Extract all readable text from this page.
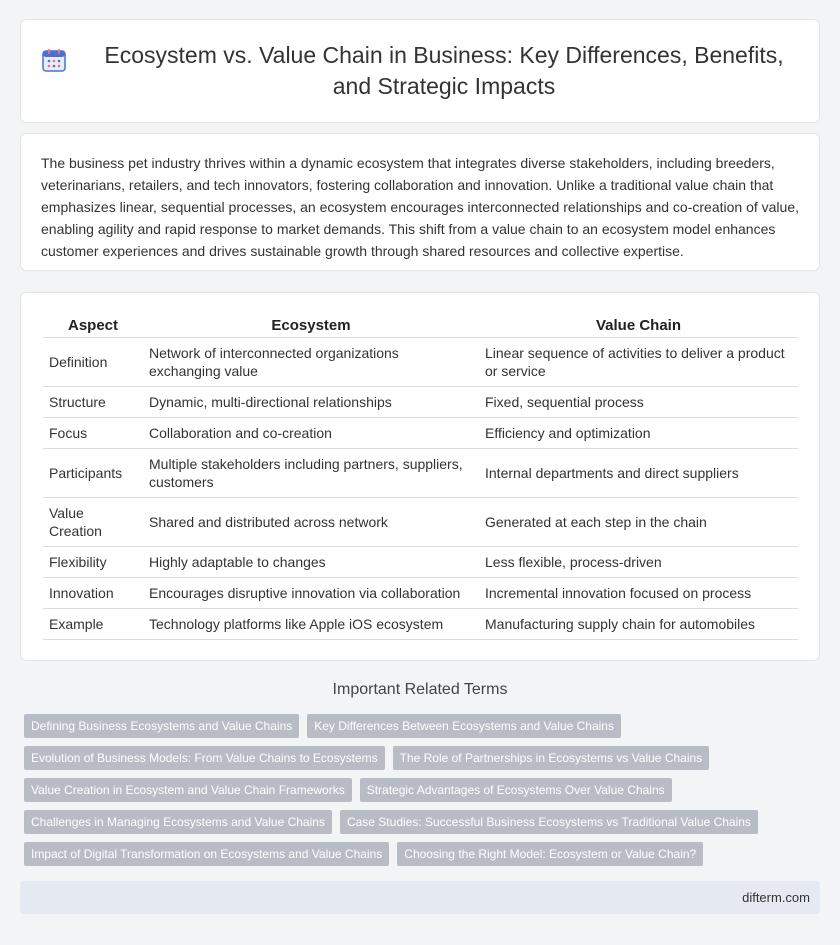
Ecosystem vs. Value Chain in Business: Key Differences, Benefits, and Strategic Impacts

The business pet industry thrives within a dynamic ecosystem that integrates diverse stakeholders, including breeders, veterinarians, retailers, and tech innovators, fostering collaboration and innovation. Unlike a traditional value chain that emphasizes linear, sequential processes, an ecosystem encourages interconnected relationships and co-creation of value, enabling agility and rapid response to market demands. This shift from a value chain to an ecosystem model enhances customer experiences and drives sustainable growth through shared resources and collective expertise.

Aspect	Ecosystem	Value Chain
Definition	Network of interconnected organizations exchanging value	Linear sequence of activities to deliver a product or service
Structure	Dynamic, multi-directional relationships	Fixed, sequential process
Focus	Collaboration and co-creation	Efficiency and optimization
Participants	Multiple stakeholders including partners, suppliers, customers	Internal departments and direct suppliers
Value Creation	Shared and distributed across network	Generated at each step in the chain
Flexibility	Highly adaptable to changes	Less flexible, process-driven
Innovation	Encourages disruptive innovation via collaboration	Incremental innovation focused on process
Example	Technology platforms like Apple iOS ecosystem	Manufacturing supply chain for automobiles
Important Related Terms
Defining Business Ecosystems and Value Chains	Key Differences Between Ecosystems and Value Chains
Evolution of Business Models: From Value Chains to Ecosystems	The Role of Partnerships in Ecosystems vs Value Chains
Value Creation in Ecosystem and Value Chain Frameworks	Strategic Advantages of Ecosystems Over Value Chains
Challenges in Managing Ecosystems and Value Chains	Case Studies: Successful Business Ecosystems vs Traditional Value Chains
Impact of Digital Transformation on Ecosystems and Value Chains	Choosing the Right Model: Ecosystem or Value Chain?
difterm.com
